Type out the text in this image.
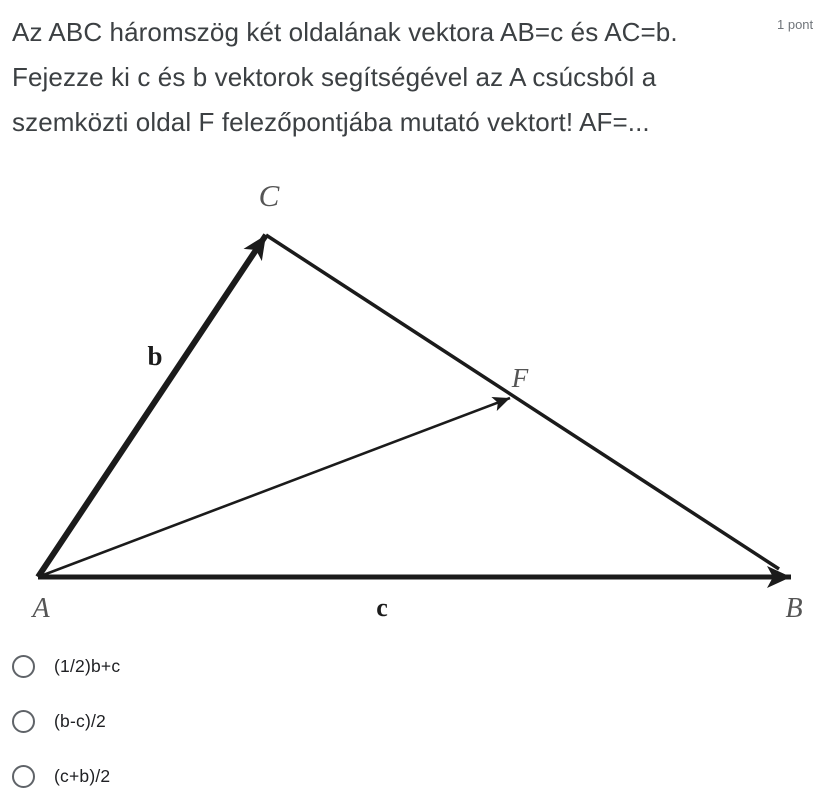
Az ABC háromszög két oldalának vektora AB=c és AC=b.
Fejezze ki c és b vektorok segítségével az A csúcsból a
szemközti oldal F felezőpontjába mutató vektort! AF=...
1 pont
C
F
A	B
b
c
(1/2)b+c
(b-c)/2
(c+b)/2
